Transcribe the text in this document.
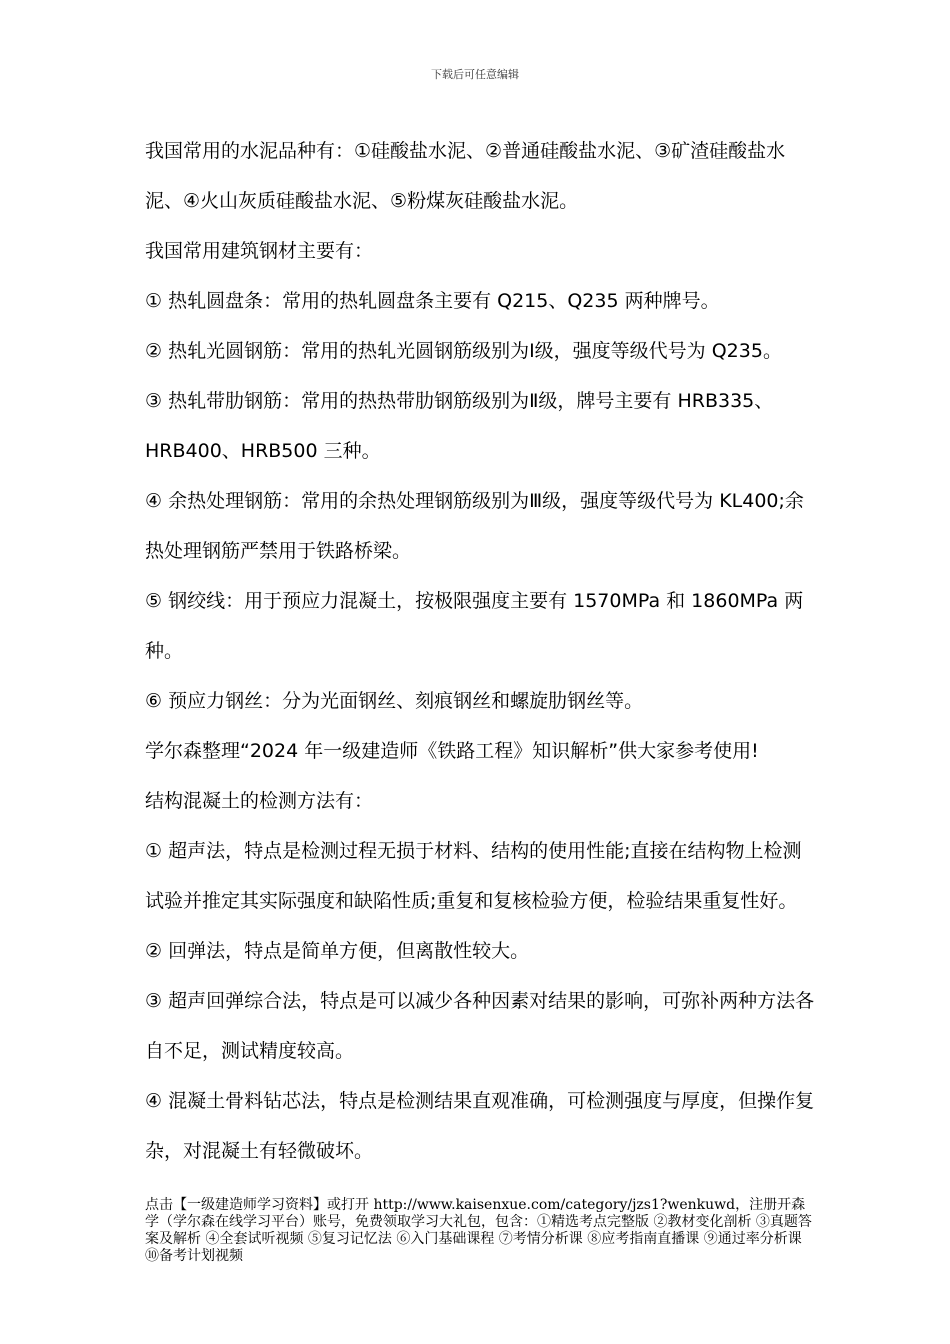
下载后可任意编辑

我国常用的水泥品种有：①硅酸盐水泥、②普通硅酸盐水泥、③矿渣硅酸盐水泥、④火山灰质硅酸盐水泥、⑤粉煤灰硅酸盐水泥。

我国常用建筑钢材主要有：

① 热轧圆盘条：常用的热轧圆盘条主要有 Q215、Q235 两种牌号。

② 热轧光圆钢筋：常用的热轧光圆钢筋级别为Ⅰ级，强度等级代号为 Q235。

③ 热轧带肋钢筋：常用的热热带肋钢筋级别为Ⅱ级，牌号主要有 HRB335、HRB400、HRB500 三种。

④ 余热处理钢筋：常用的余热处理钢筋级别为Ⅲ级，强度等级代号为 KL400;余热处理钢筋严禁用于铁路桥梁。

⑤ 钢绞线：用于预应力混凝土，按极限强度主要有 1570MPa 和 1860MPa 两种。

⑥ 预应力钢丝：分为光面钢丝、刻痕钢丝和螺旋肋钢丝等。

学尔森整理“2024 年一级建造师《铁路工程》知识解析”供大家参考使用!

结构混凝土的检测方法有：

① 超声法，特点是检测过程无损于材料、结构的使用性能;直接在结构物上检测试验并推定其实际强度和缺陷性质;重复和复核检验方便，检验结果重复性好。

② 回弹法，特点是简单方便，但离散性较大。

③ 超声回弹综合法，特点是可以减少各种因素对结果的影响，可弥补两种方法各自不足，测试精度较高。

④ 混凝土骨料钻芯法，特点是检测结果直观准确，可检测强度与厚度，但操作复杂，对混凝土有轻微破坏。

点击【一级建造师学习资料】或打开 http://www.kaisenxue.com/category/jzs1?wenkuwd，注册开森学（学尔森在线学习平台）账号，免费领取学习大礼包，包含：①精选考点完整版 ②教材变化剖析 ③真题答案及解析 ④全套试听视频 ⑤复习记忆法 ⑥入门基础课程 ⑦考情分析课 ⑧应考指南直播课 ⑨通过率分析课 ⑩备考计划视频
